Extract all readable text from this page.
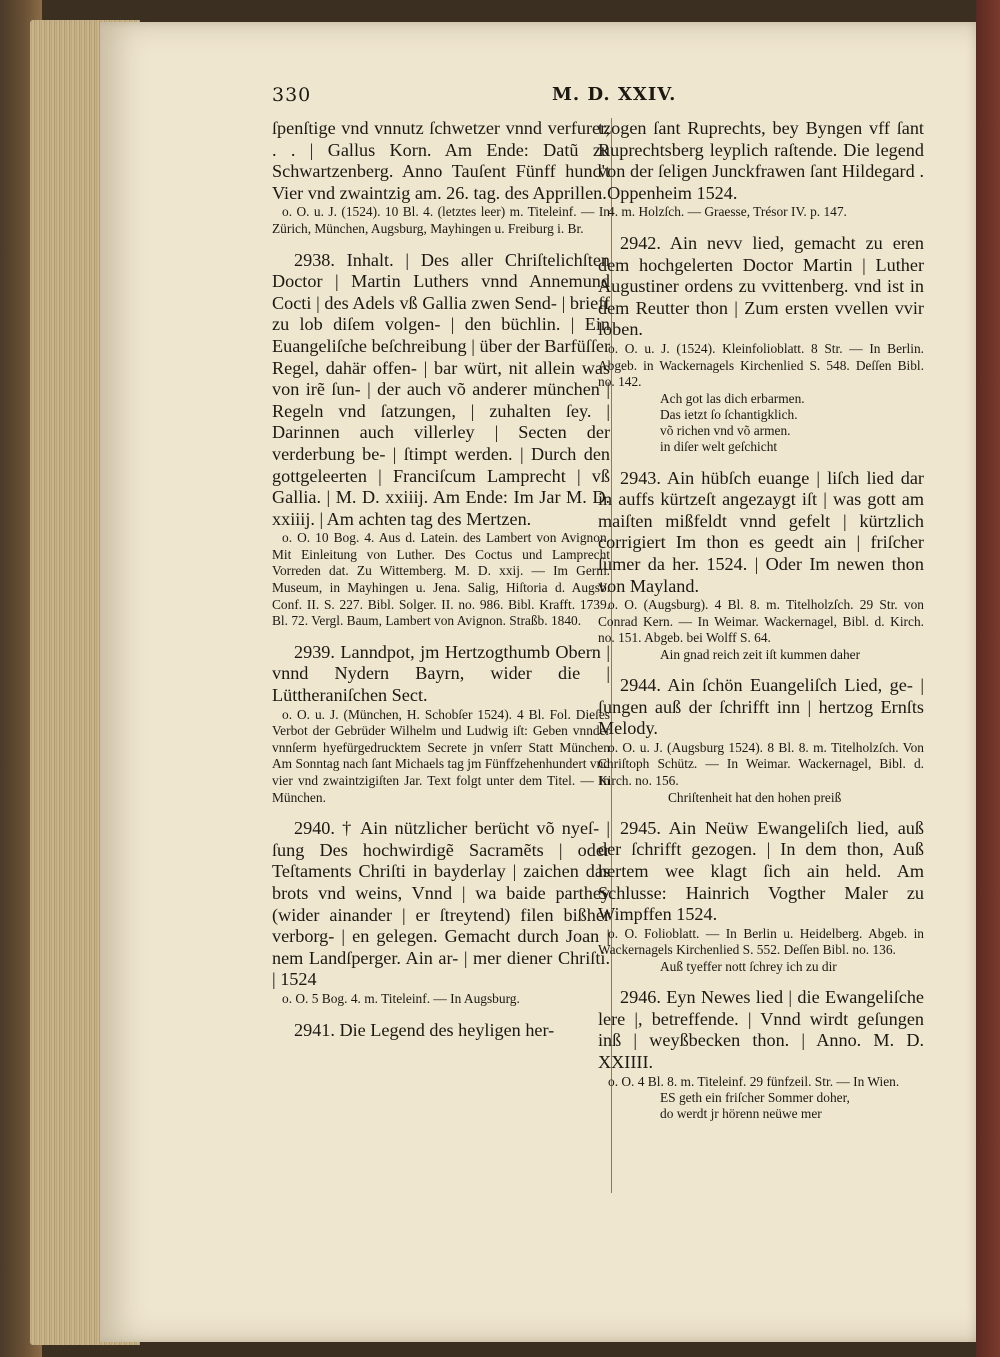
330	M. D. XXIV.

ſpenſtige vnd vnnutz ſchwetzer vnnd verfurer, . . | Gallus Korn. Am Ende: Datũ zu Schwartzenberg. Anno Tauſent Fünff hund't Vier vnd zwaintzig am. 26. tag. des Apprillen.

o. O. u. J. (1524). 10 Bl. 4. (letztes leer) m. Titeleinf. — In Zürich, München, Augsburg, Mayhingen u. Freiburg i. Br.

2938. Inhalt. | Des aller Chriſtelichſten Doctor | Martin Luthers vnnd Annemund Cocti | des Adels vß Gallia zwen Send- | brieff zu lob diſem volgen- | den büchlin. | Ein Euangeliſche beſchreibung | über der Barfüſſer Regel, dahär offen- | bar würt, nit allein was von irẽ ſun- | der auch võ anderer münchen | Regeln vnd ſatzungen, | zuhalten ſey. | Darinnen auch villerley | Secten der verderbung be- | ſtimpt werden. | Durch den gottgeleerten | Franciſcum Lamprecht | vß Gallia. | M. D. xxiiij. Am Ende: Im Jar M. D. xxiiij. | Am achten tag des Mertzen.

o. O. 10 Bog. 4. Aus d. Latein. des Lambert von Avignon. Mit Einleitung von Luther. Des Coctus und Lamprecht Vorreden dat. Zu Wittemberg. M. D. xxij. — Im Germ. Museum, in Mayhingen u. Jena. Salig, Hiſtoria d. Augsb. Conf. II. S. 227. Bibl. Solger. II. no. 986. Bibl. Krafft. 1739. Bl. 72. Vergl. Baum, Lambert von Avignon. Straßb. 1840.

2939. Lanndpot, jm Hertzogthumb Obern | vnnd Nydern Bayrn, wider die | Lüttheraniſchen Sect.

o. O. u. J. (München, H. Schobſer 1524). 4 Bl. Fol. Dieſes Verbot der Gebrüder Wilhelm und Ludwig iſt: Geben vnnder vnnſerm hyefürgedrucktem Secrete jn vnſerr Statt München Am Sonntag nach ſant Michaels tag jm Fünffzehenhundert vnd vier vnd zwaintzigiſten Jar. Text folgt unter dem Titel. — In München.

2940. † Ain nützlicher berücht võ nyeſ- | ſung Des hochwirdigẽ Sacramẽts | oder Teſtaments Chriſti in bayderlay | zaichen das brots vnd weins, Vnnd | wa baide parthey (wider ainander | er ſtreytend) filen bißher verborg- | en gelegen. Gemacht durch Joan | nem Landſperger. Ain ar- | mer diener Chriſti. | 1524

o. O. 5 Bog. 4. m. Titeleinf. — In Augsburg.

2941. Die Legend des heyligen her-

tzogen ſant Ruprechts, bey Byngen vff ſant Ruprechtsberg leyplich raſtende. Die legend von der ſeligen Junckfrawen ſant Hildegard . . Oppenheim 1524.

4. m. Holzſch. — Graesse, Trésor IV. p. 147.

2942. Ain nevv lied, gemacht zu eren dem hochgelerten Doctor Martin | Luther Augustiner ordens zu vvittenberg. vnd ist in dem Reutter thon | Zum ersten vvellen vvir loben.

o. O. u. J. (1524). Kleinfolioblatt. 8 Str. — In Berlin. Abgeb. in Wackernagels Kirchenlied S. 548. Deſſen Bibl. no. 142.

Ach got las dich erbarmen.

Das ietzt ſo ſchantigklich.

võ richen vnd võ armen.

in diſer welt geſchicht

2943. Ain hübſch euange | liſch lied dar in auffs kürtzeſt angezaygt iſt | was gott am maiſten mißfeldt vnnd gefelt | kürtzlich corrigiert Im thon es geedt ain | friſcher ſumer da her. 1524. | Oder Im newen thon von Mayland.

o. O. (Augsburg). 4 Bl. 8. m. Titelholzſch. 29 Str. von Conrad Kern. — In Weimar. Wackernagel, Bibl. d. Kirch. no. 151. Abgeb. bei Wolff S. 64.

Ain gnad reich zeit iſt kummen daher

2944. Ain ſchön Euangeliſch Lied, ge- | ſungen auß der ſchrifft inn | hertzog Ernſts Melody.

o. O. u. J. (Augsburg 1524). 8 Bl. 8. m. Titelholzſch. Von Chriſtoph Schütz. — In Weimar. Wackernagel, Bibl. d. Kirch. no. 156.

Chriſtenheit hat den hohen preiß

2945. Ain Neüw Ewangeliſch lied, auß der ſchrifft gezogen. | In dem thon, Auß hertem wee klagt ſich ain held. Am Schlusse: Hainrich Vogther Maler zu Wimpffen 1524.

o. O. Folioblatt. — In Berlin u. Heidelberg. Abgeb. in Wackernagels Kirchenlied S. 552. Deſſen Bibl. no. 136.

Auß tyeffer nott ſchrey ich zu dir

2946. Eyn Newes lied | die Ewangeliſche lere |, betreffende. | Vnnd wirdt geſungen inß | weyßbecken thon. | Anno. M. D. XXIIII.

o. O. 4 Bl. 8. m. Titeleinf. 29 fünfzeil. Str. — In Wien.

ES geth ein friſcher Sommer doher,

do werdt jr hörenn neüwe mer
